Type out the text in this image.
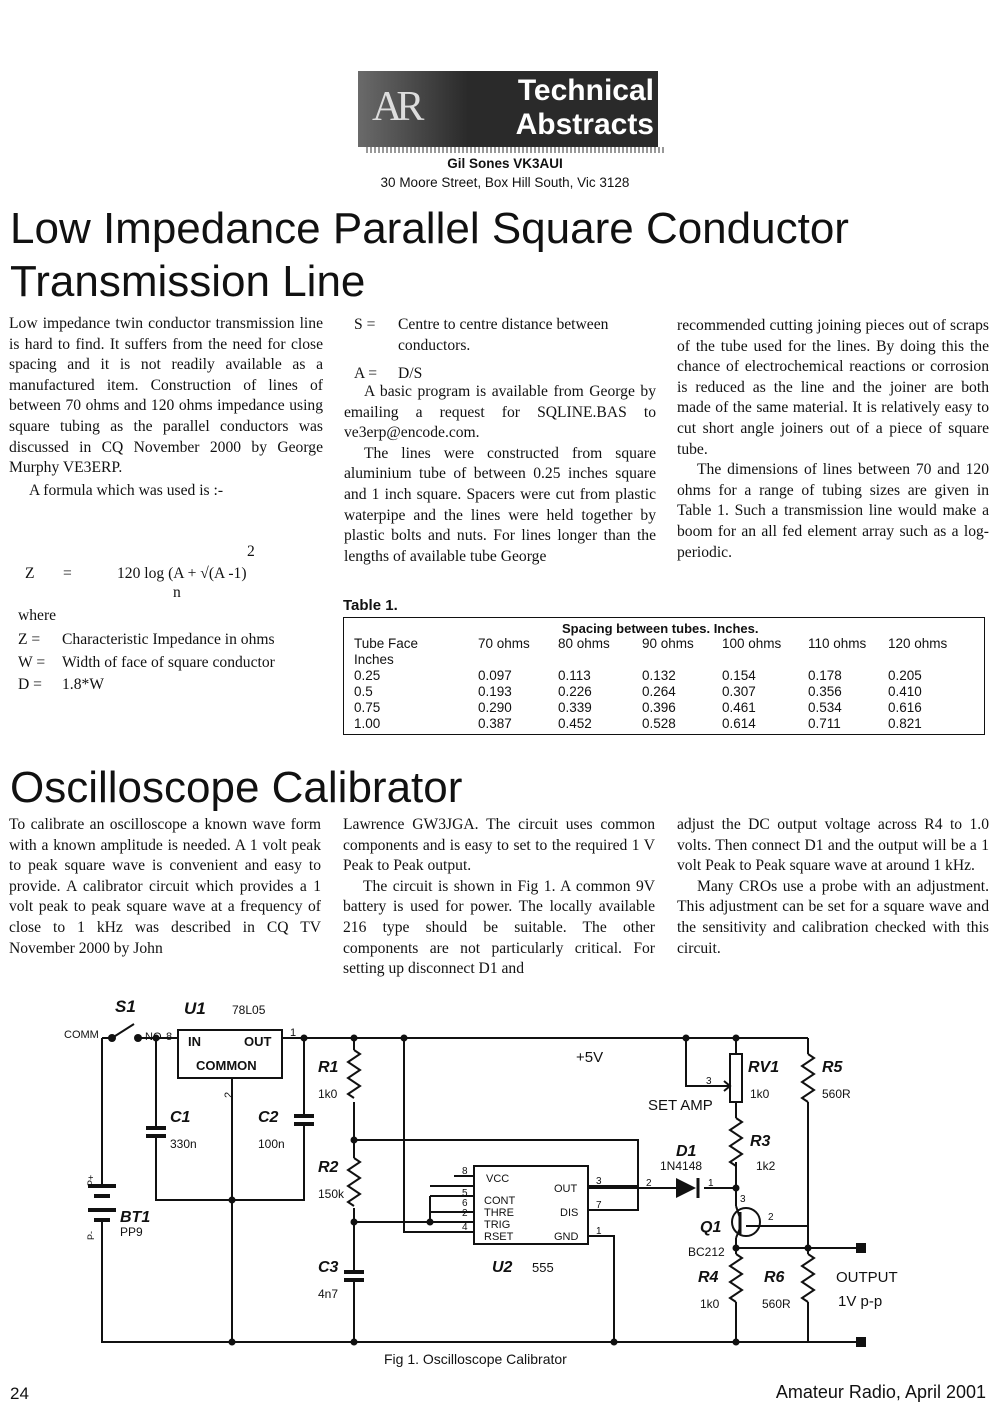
AR	Technical
Abstracts
Gil Sones VK3AUI
30 Moore Street, Box Hill South, Vic 3128
Low Impedance Parallel Square Conductor
Transmission Line

Low impedance twin conductor transmission line is hard to find. It suffers from the need for close spacing and it is not readily available as a manufactured item. Construction of lines of between 70 ohms and 120 ohms impedance using square tubing as the parallel conductors was discussed in CQ November 2000 by George Murphy VE3ERP.

A formula which was used is :-

2
Z =	120 log (A + √(A -1)
n
where
Z =	Characteristic Impedance in ohms
W =	Width of face of square conductor
D =	1.8*W
S =	Centre to centre distance between conductors.
A =	D/S

A basic program is available from George by emailing a request for SQLINE.BAS to ve3erp@encode.com.

The lines were constructed from square aluminium tube of between 0.25 inches square and 1 inch square. Spacers were cut from plastic waterpipe and the lines were held together by plastic bolts and nuts. For lines longer than the lengths of available tube George

recommended cutting joining pieces out of scraps of the tube used for the lines. By doing this the chance of electrochemical reactions or corrosion is reduced as the line and the joiner are both made of the same material. It is relatively easy to cut short angle joiners out of a piece of square tube.

The dimensions of lines between 70 and 120 ohms for a range of tubing sizes are given in Table 1. Such a transmission line would make a boom for an all fed element array such as a log-periodic.

Table 1.
Spacing between tubes. Inches.
Tube Face
Inches	70 ohms	80 ohms	90 ohms	100 ohms	110 ohms	120 ohms
0.25	0.097	0.113	0.132	0.154	0.178	0.205
0.5	0.193	0.226	0.264	0.307	0.356	0.410
0.75	0.290	0.339	0.396	0.461	0.534	0.616
1.00	0.387	0.452	0.528	0.614	0.711	0.821
Oscilloscope Calibrator

To calibrate an oscilloscope a known wave form with a known amplitude is needed. A 1 volt peak to peak square wave is convenient and easy to provide. A calibrator circuit which provides a 1 volt peak to peak square wave at a frequency of close to 1 kHz was described in CQ TV November 2000 by John

Lawrence GW3JGA. The circuit uses common components and is easy to set to the required 1 V Peak to Peak output.

The circuit is shown in Fig 1. A common 9V battery is used for power. The locally available 216 type should be suitable. The other components are not particularly critical. For setting up disconnect D1 and

adjust the DC output voltage across R4 to 1.0 volts. Then connect D1 and the output will be a 1 volt Peak to Peak square wave at around 1 kHz.

Many CROs use a probe with an adjustment. This adjustment can be set for a square wave and the sensitivity and calibration checked with this circuit.

S1
COMM	NO 8
U1 78L05
IN	OUT
COMMON
1
2
C1
330n
C2
100n
BT1
PP9
P+
P-
R1
1k0
R2
150k
C3
4n7
+5V
U2 555
VCC
CONT
THRE
TRIG
RSET
OUT
DIS
GND
8
5
6
2
4
3
7
1
RV1
1k0
3
SET AMP
R5
560R
D1
1N4148
2	1
R3
1k2
Q1
BC212
2
3
R4
1k0
R6
560R
OUTPUT
1V p-p
Fig 1. Oscilloscope Calibrator
24	Amateur Radio, April 2001
